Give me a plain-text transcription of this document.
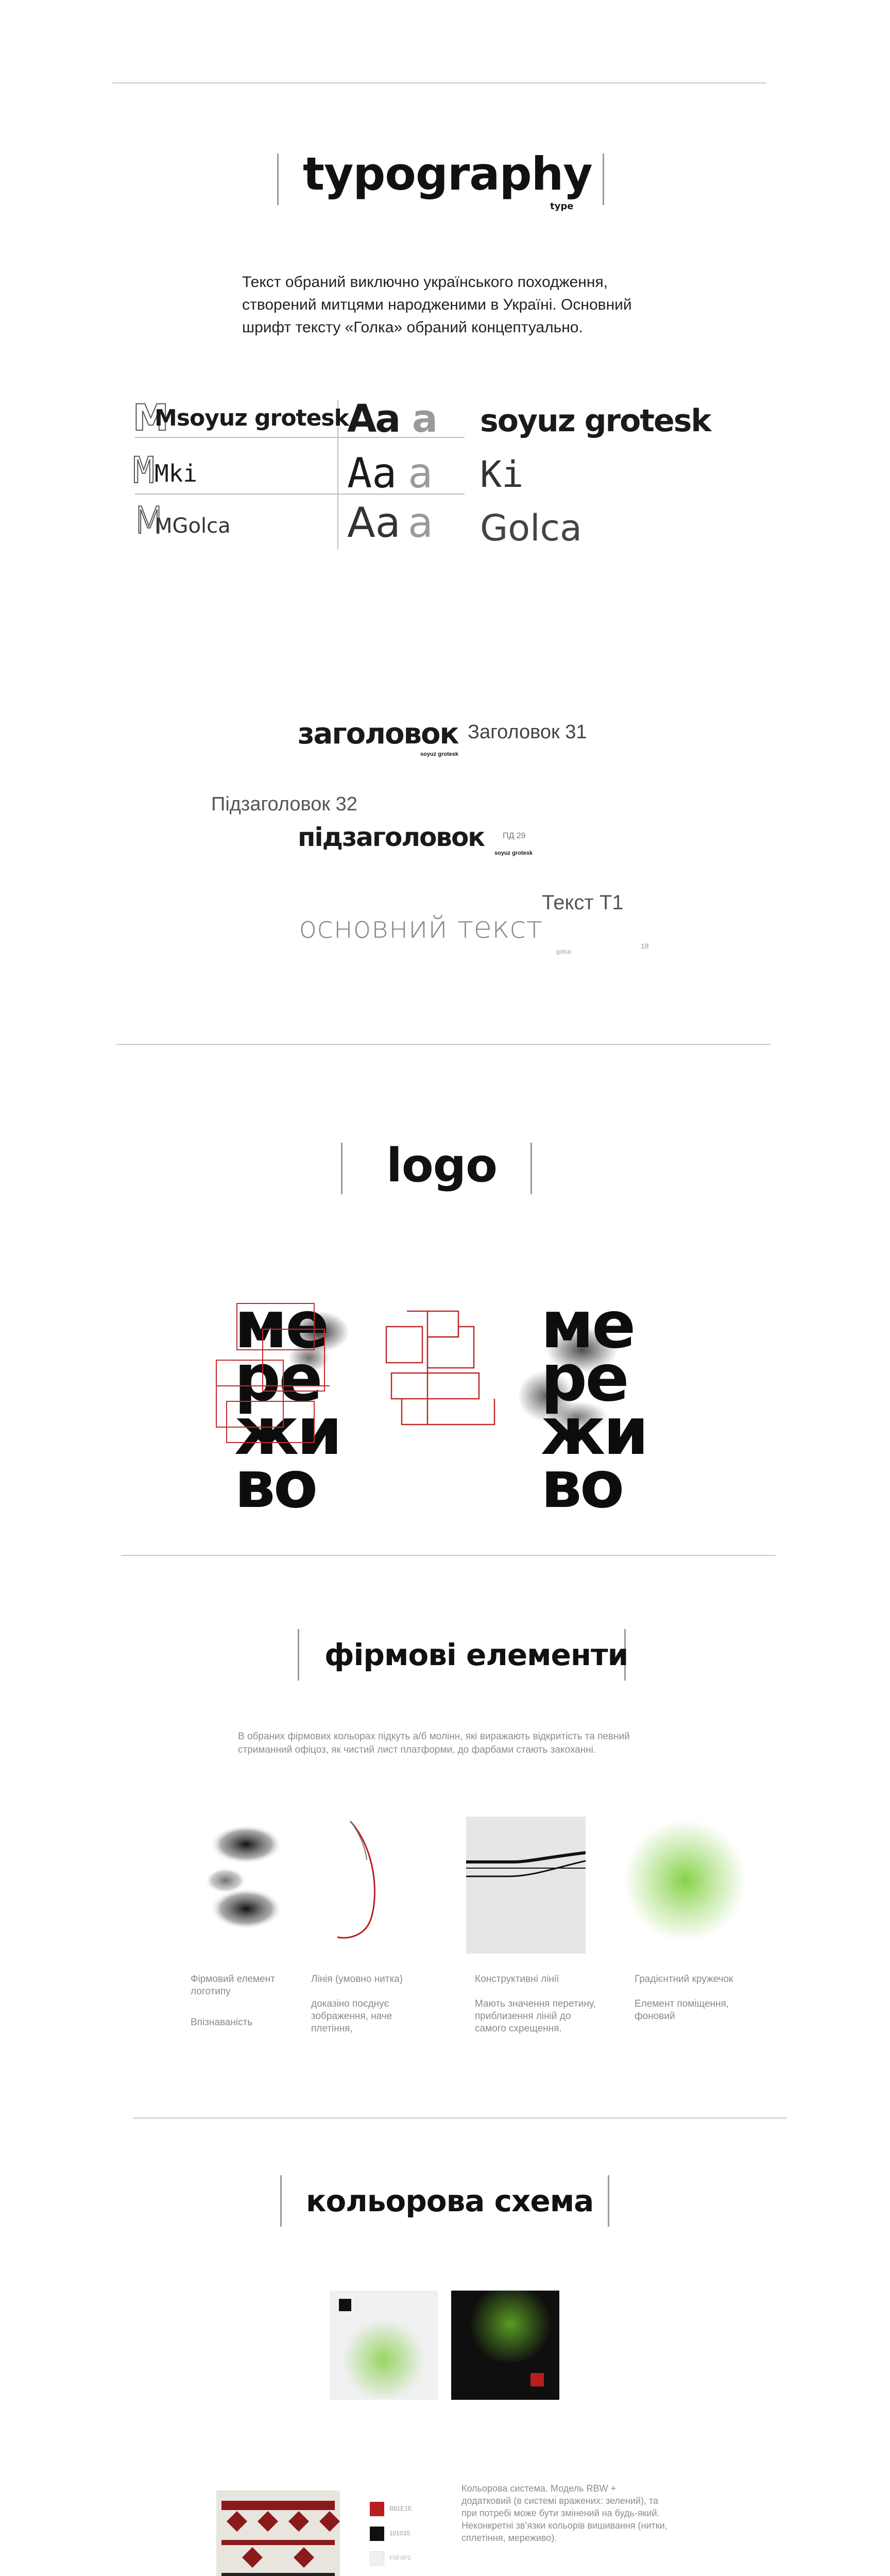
typography
type
Текст обраний виключно українського походження,
створений митцями народженими в Україні. Основний
шрифт тексту «Голка» обраний концептуально.
M
Msoyuz grotesk
Aa a soyuz grotesk
M Mki	Aa a Ki
M
MGolca	Aa a Golca
заголовок
soyuz grotesk
Заголовок 31
Підзаголовок 32
підзаголовок ПД 29
soyuz grotesk
Текст Т1
основний текст
golca
18
logo
ме
ре
жи
во
ме
ре
жи
во
фірмові елементи
В обраних фірмових кольорах підкуть а/б молінн, які виражають відкритість та певний стриманний офіцоз, як чистий лист платформи, до фарбами стають закоханні.
Фірмовий елемент логотипу
Впізнаваність
Лінія (умовно нитка)
доказіно поєднує зображення, наче плетіння,
Конструктивні лінії
Мають значення перетину, приблизення ліній до самого схрещення.
Градієнтний кружечок
Елемент поміщення, фоновий
кольорова схема
B81E1E
101010
F0F0F0
Кольорова система. Модель RBW + додатковий (в системі вражених: зелений), та при потребі може бути змінений на будь-який. Неконкретні зв’язки кольорів вишивання (нитки, сплетіння, мереживо).
